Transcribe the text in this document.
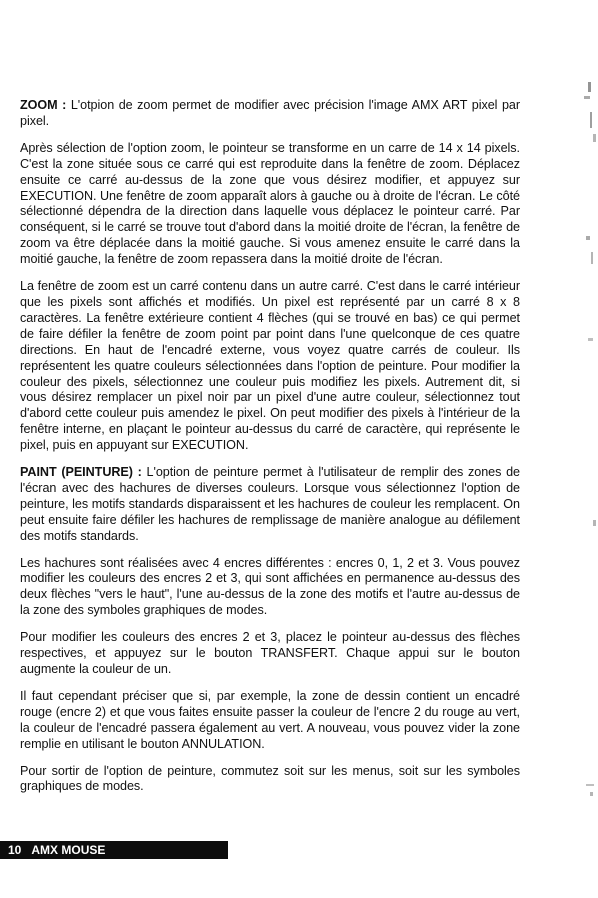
ZOOM : L'otpion de zoom permet de modifier avec précision l'image AMX ART pixel par pixel.

Après sélection de l'option zoom, le pointeur se transforme en un carre de 14 x 14 pixels. C'est la zone située sous ce carré qui est reproduite dans la fenêtre de zoom. Déplacez ensuite ce carré au-dessus de la zone que vous désirez modifier, et appuyez sur EXECUTION. Une fenêtre de zoom apparaît alors à gauche ou à droite de l'écran. Le côté sélectionné dépendra de la direction dans laquelle vous déplacez le pointeur carré. Par conséquent, si le carré se trouve tout d'abord dans la moitié droite de l'écran, la fenêtre de zoom va être déplacée dans la moitié gauche. Si vous amenez ensuite le carré dans la moitié gauche, la fenêtre de zoom repassera dans la moitié droite de l'écran.

La fenêtre de zoom est un carré contenu dans un autre carré. C'est dans le carré intérieur que les pixels sont affichés et modifiés. Un pixel est représenté par un carré 8 x 8 caractères. La fenêtre extérieure contient 4 flèches (qui se trouvé en bas) ce qui permet de faire défiler la fenêtre de zoom point par point dans l'une quelconque de ces quatre directions. En haut de l'encadré externe, vous voyez quatre carrés de couleur. Ils représentent les quatre couleurs sélectionnées dans l'option de peinture. Pour modifier la couleur des pixels, sélectionnez une couleur puis modifiez les pixels. Autrement dit, si vous désirez remplacer un pixel noir par un pixel d'une autre couleur, sélectionnez tout d'abord cette couleur puis amendez le pixel. On peut modifier des pixels à l'intérieur de la fenêtre interne, en plaçant le pointeur au-dessus du carré de caractère, qui représente le pixel, puis en appuyant sur EXECUTION.

PAINT (PEINTURE) : L'option de peinture permet à l'utilisateur de remplir des zones de l'écran avec des hachures de diverses couleurs. Lorsque vous sélectionnez l'option de peinture, les motifs standards disparaissent et les hachures de couleur les remplacent. On peut ensuite faire défiler les hachures de remplissage de manière analogue au défilement des motifs standards.

Les hachures sont réalisées avec 4 encres différentes : encres 0, 1, 2 et 3. Vous pouvez modifier les couleurs des encres 2 et 3, qui sont affichées en permanence au-dessus des deux flèches "vers le haut", l'une au-dessus de la zone des motifs et l'autre au-dessus de la zone des symboles graphiques de modes.

Pour modifier les couleurs des encres 2 et 3, placez le pointeur au-dessus des flèches respectives, et appuyez sur le bouton TRANSFERT. Chaque appui sur le bouton augmente la couleur de un.

Il faut cependant préciser que si, par exemple, la zone de dessin contient un encadré rouge (encre 2) et que vous faites ensuite passer la couleur de l'encre 2 du rouge au vert, la couleur de l'encadré passera également au vert. A nouveau, vous pouvez vider la zone remplie en utilisant le bouton ANNULATION.

Pour sortir de l'option de peinture, commutez soit sur les menus, soit sur les symboles graphiques de modes.

10 AMX MOUSE
